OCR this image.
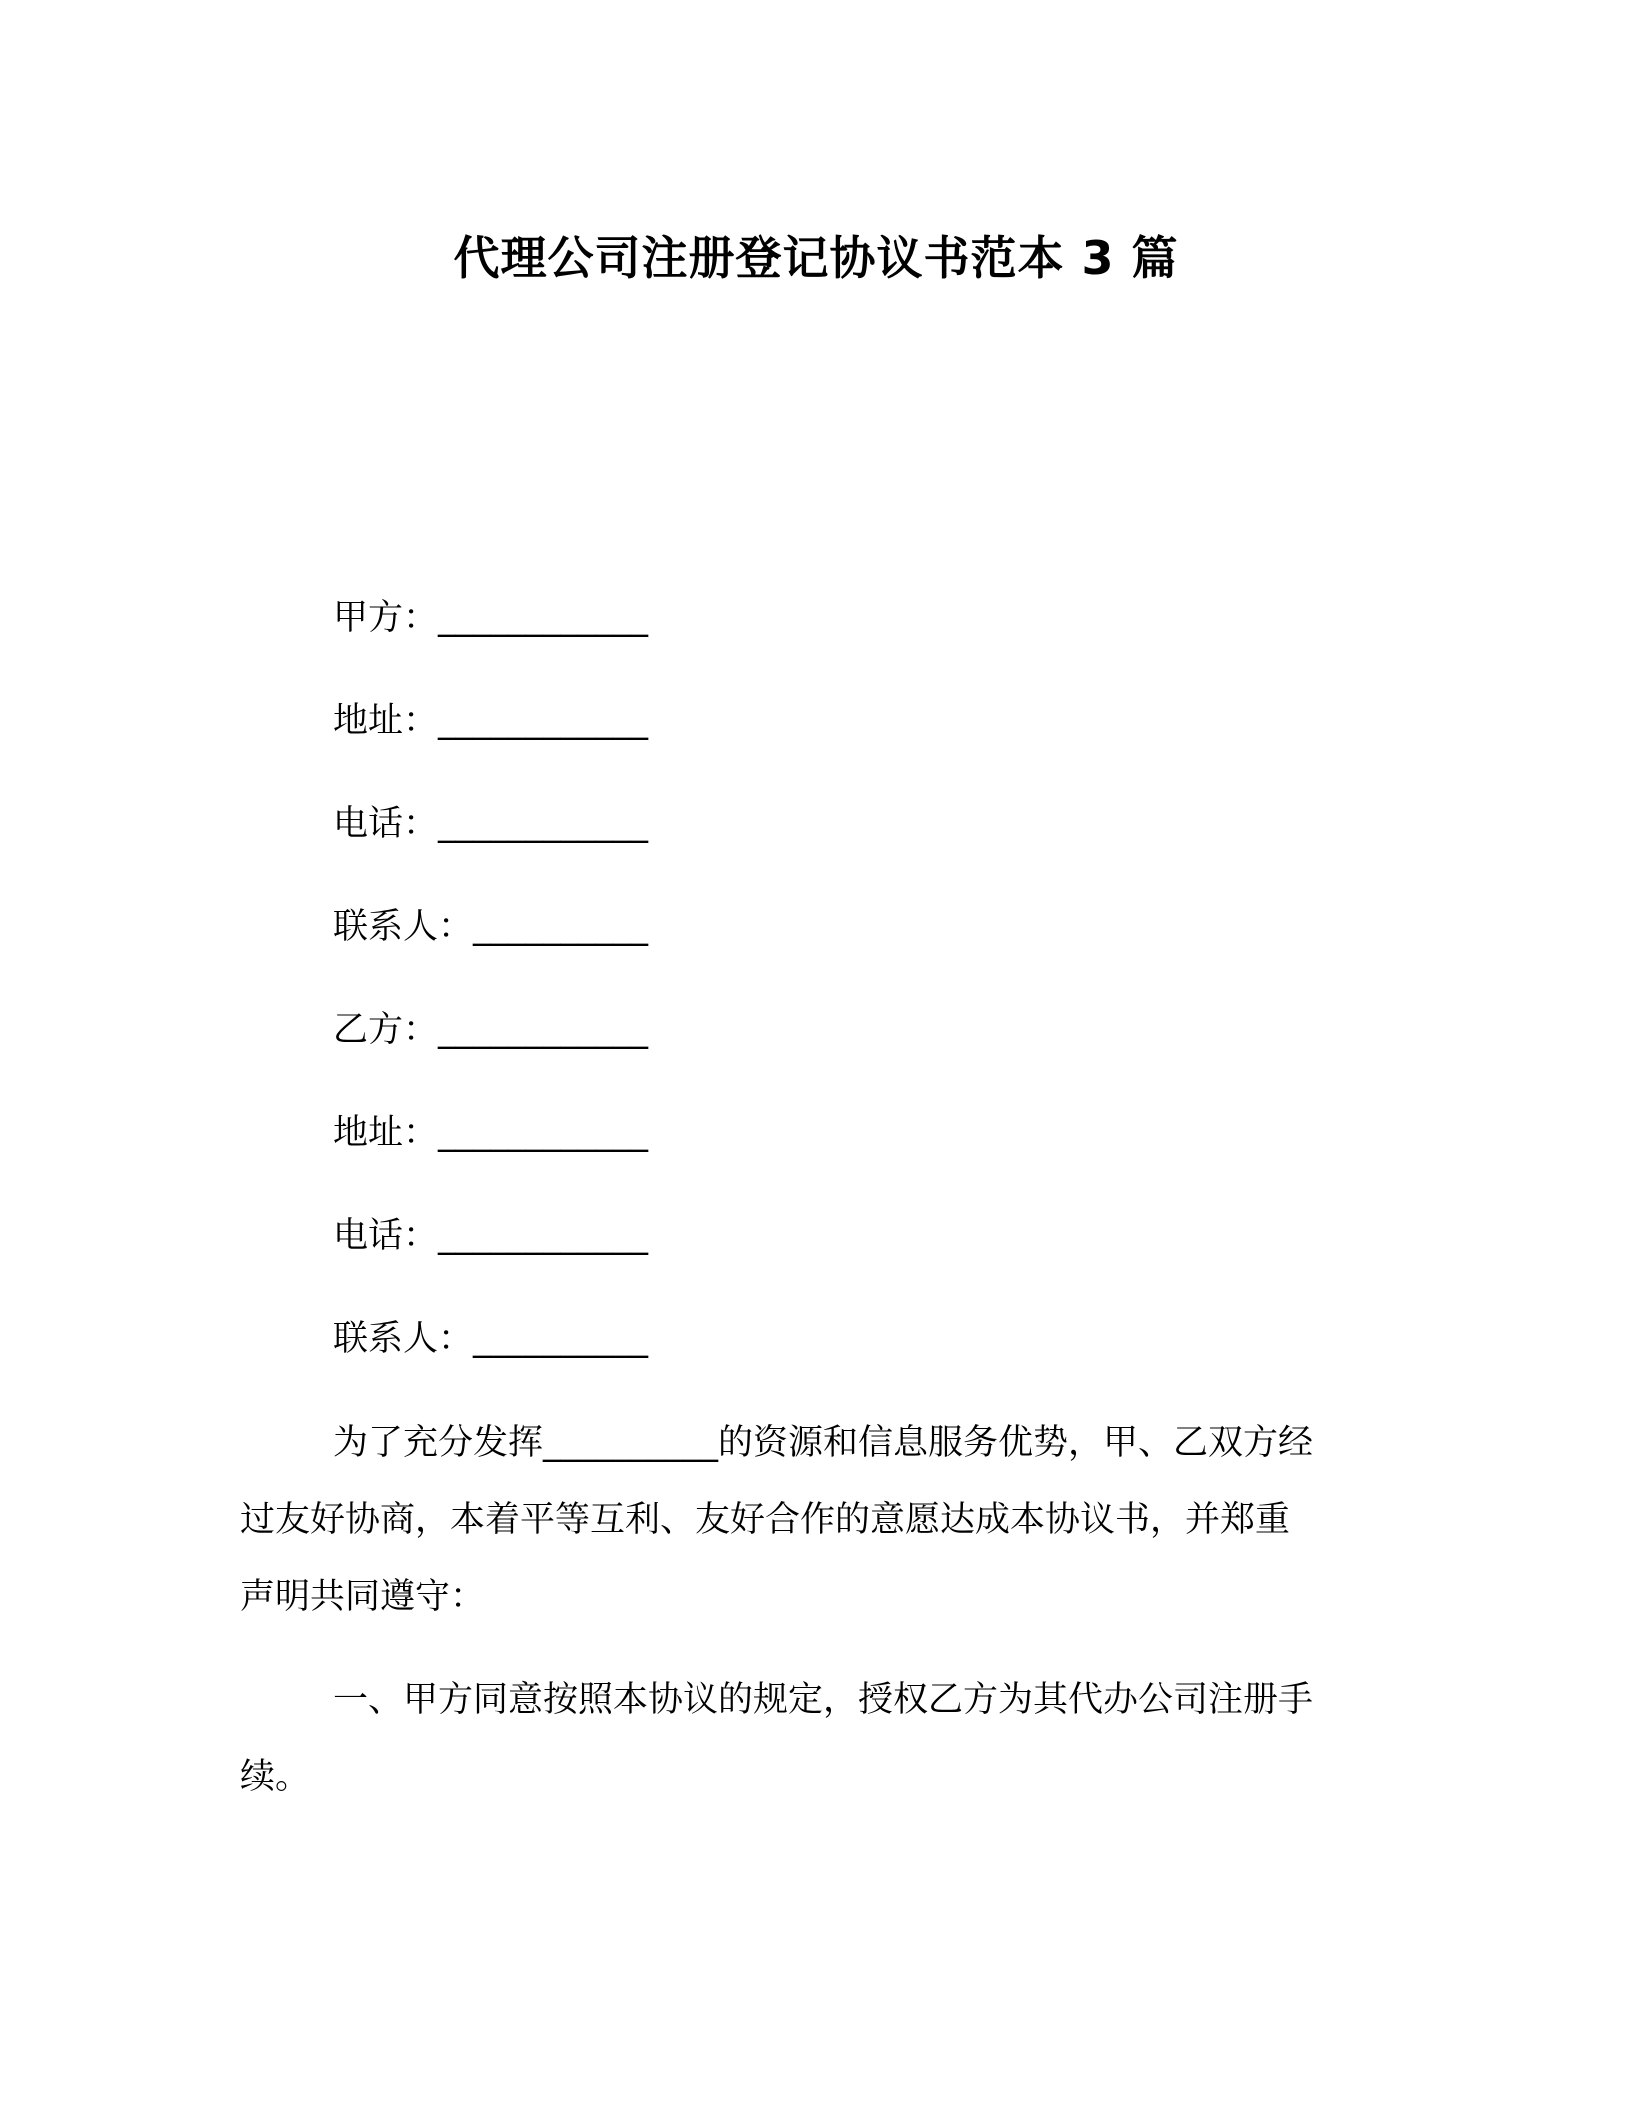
代理公司注册登记协议书范本 3 篇
甲方：____________
地址：____________
电话：____________
联系人：__________
乙方：____________
地址：____________
电话：____________
联系人：__________
为了充分发挥__________的资源和信息服务优势，甲、乙双方经
过友好协商，本着平等互利、友好合作的意愿达成本协议书，并郑重
声明共同遵守：
一、甲方同意按照本协议的规定，授权乙方为其代办公司注册手
续。
